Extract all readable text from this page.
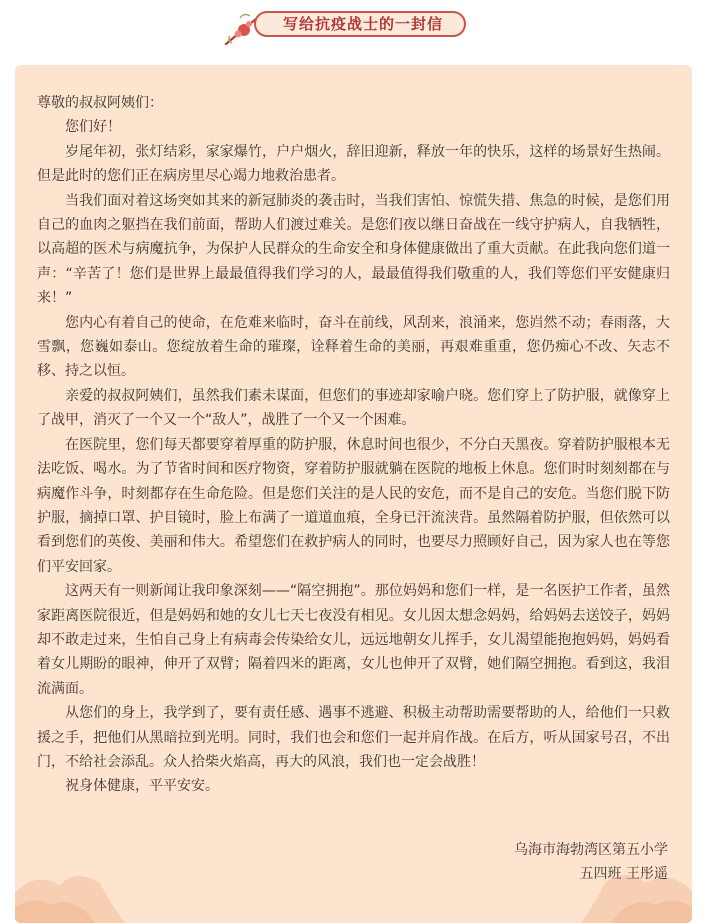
写给抗疫战士的一封信

尊敬的叔叔阿姨们：

您们好！

岁尾年初，张灯结彩，家家爆竹，户户烟火，辞旧迎新，释放一年的快乐，这样的场景好生热闹。但是此时的您们正在病房里尽心竭力地救治患者。

当我们面对着这场突如其来的新冠肺炎的袭击时，当我们害怕、惊慌失措、焦急的时候，是您们用自己的血肉之躯挡在我们前面，帮助人们渡过难关。是您们夜以继日奋战在一线守护病人，自我牺牲，以高超的医术与病魔抗争，为保护人民群众的生命安全和身体健康做出了重大贡献。在此我向您们道一声：“辛苦了！您们是世界上最最值得我们学习的人，最最值得我们敬重的人，我们等您们平安健康归来！”

您内心有着自己的使命，在危难来临时，奋斗在前线，风刮来，浪涌来，您岿然不动；春雨落，大雪飘，您巍如泰山。您绽放着生命的璀璨，诠释着生命的美丽，再艰难重重，您仍痴心不改、矢志不移、持之以恒。

亲爱的叔叔阿姨们，虽然我们素未谋面，但您们的事迹却家喻户晓。您们穿上了防护服，就像穿上了战甲，消灭了一个又一个“敌人”，战胜了一个又一个困难。

在医院里，您们每天都要穿着厚重的防护服，休息时间也很少，不分白天黑夜。穿着防护服根本无法吃饭、喝水。为了节省时间和医疗物资，穿着防护服就躺在医院的地板上休息。您们时时刻刻都在与病魔作斗争，时刻都存在生命危险。但是您们关注的是人民的安危，而不是自己的安危。当您们脱下防护服，摘掉口罩、护目镜时，脸上布满了一道道血痕，全身已汗流浃背。虽然隔着防护服，但依然可以看到您们的英俊、美丽和伟大。希望您们在救护病人的同时，也要尽力照顾好自己，因为家人也在等您们平安回家。

这两天有一则新闻让我印象深刻——“隔空拥抱”。那位妈妈和您们一样，是一名医护工作者，虽然家距离医院很近，但是妈妈和她的女儿七天七夜没有相见。女儿因太想念妈妈，给妈妈去送饺子，妈妈却不敢走过来，生怕自己身上有病毒会传染给女儿，远远地朝女儿挥手，女儿渴望能抱抱妈妈，妈妈看着女儿期盼的眼神，伸开了双臂；隔着四米的距离，女儿也伸开了双臂，她们隔空拥抱。看到这，我泪流满面。

从您们的身上，我学到了，要有责任感、遇事不逃避、积极主动帮助需要帮助的人，给他们一只救援之手，把他们从黑暗拉到光明。同时，我们也会和您们一起并肩作战。在后方，听从国家号召，不出门，不给社会添乱。众人拾柴火焰高，再大的风浪，我们也一定会战胜！

祝身体健康，平平安安。

乌海市海勃湾区第五小学
五四班 王彤遥
